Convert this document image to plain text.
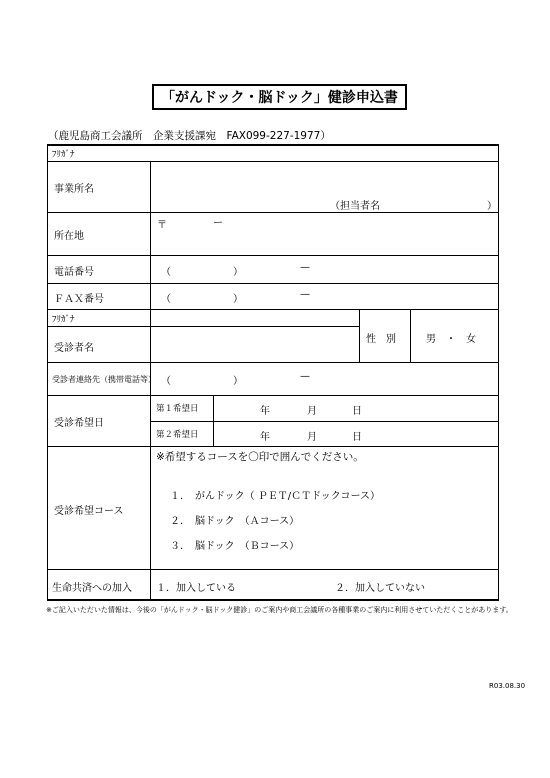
「がんドック・脳ドック」健診申込書
（鹿児島商工会議所　企業支援課宛　FAX099-227-1977）
ﾌﾘｶﾞﾅ
事業所名
（担当者名	）
所在地
〒	ー
電話番号	（	）	—
ＦＡＸ番号	（	）	—
ﾌﾘｶﾞﾅ
受診者名
性　別	男　・　女
受診者連絡先（携帯電話等） （	）	—
受診希望日
第１希望日	年	月	日
第２希望日	年	月	日
受診希望コース
※希望するコースを〇印で囲んでください。
１．　がんドック（ ＰＥＴ/ＣＴドックコース）
２．　脳ドック　（Ａコース）
３．　脳ドック　（Ｂコース）
生命共済への加入 １．加入している	２．加入していない
※ご記入いただいた情報は、今後の「がんドック・脳ドック健診」のご案内や商工会議所の各種事業のご案内に利用させていただくことがあります。
R03.08.30
